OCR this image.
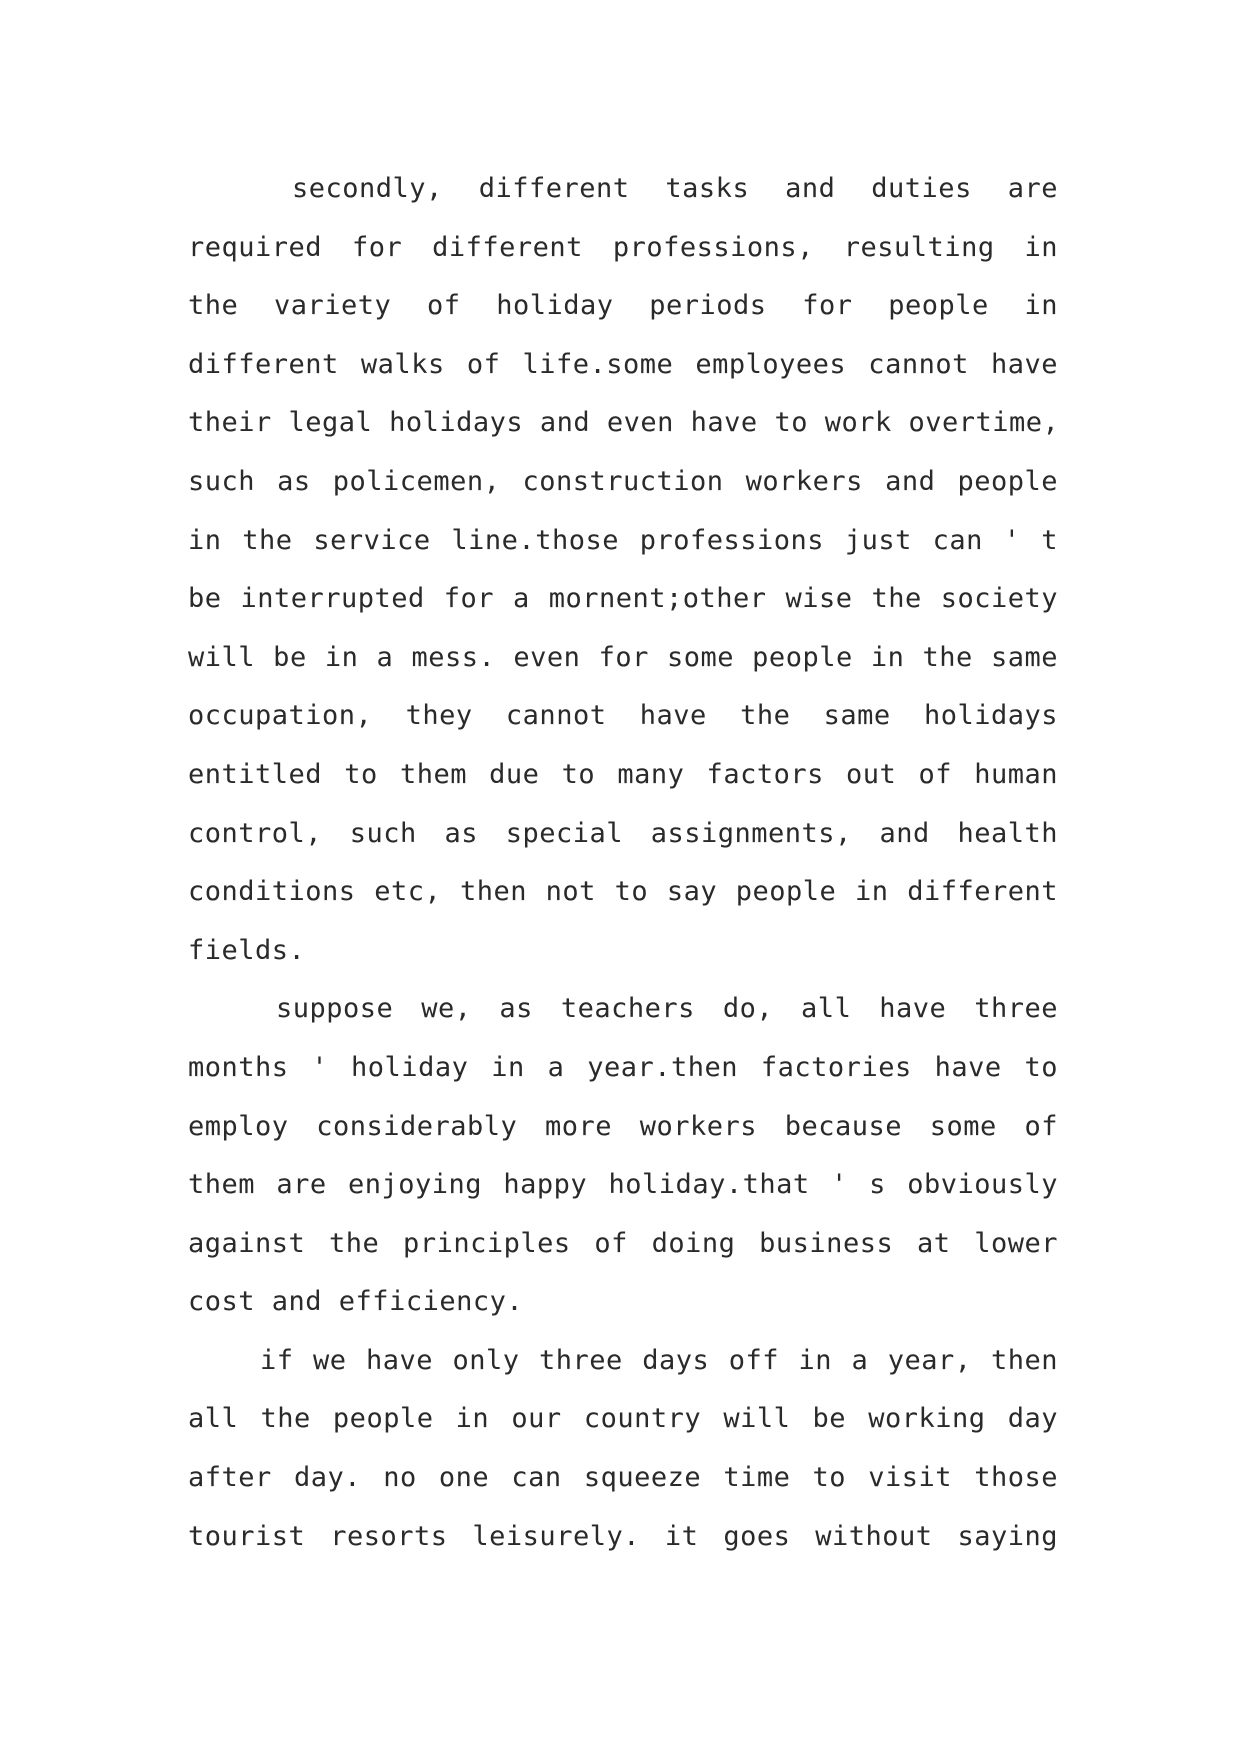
secondly, different tasks and duties are
required for different professions, resulting in
the variety of holiday periods for people in
different walks of life.some employees cannot have
their legal holidays and even have to work overtime,
such as policemen, construction workers and people
in the service line.those professions just can ' t
be interrupted for a mornent;other wise the society
will be in a mess. even for some people in the same
occupation, they cannot have the same holidays
entitled to them due to many factors out of human
control, such as special assignments, and health
conditions etc, then not to say people in different
fields.
suppose we, as teachers do, all have three
months ' holiday in a year.then factories have to
employ considerably more workers because some of
them are enjoying happy holiday.that ' s obviously
against the principles of doing business at lower
cost and efficiency.
if we have only three days off in a year, then
all the people in our country will be working day
after day. no one can squeeze time to visit those
tourist resorts leisurely. it goes without saying
